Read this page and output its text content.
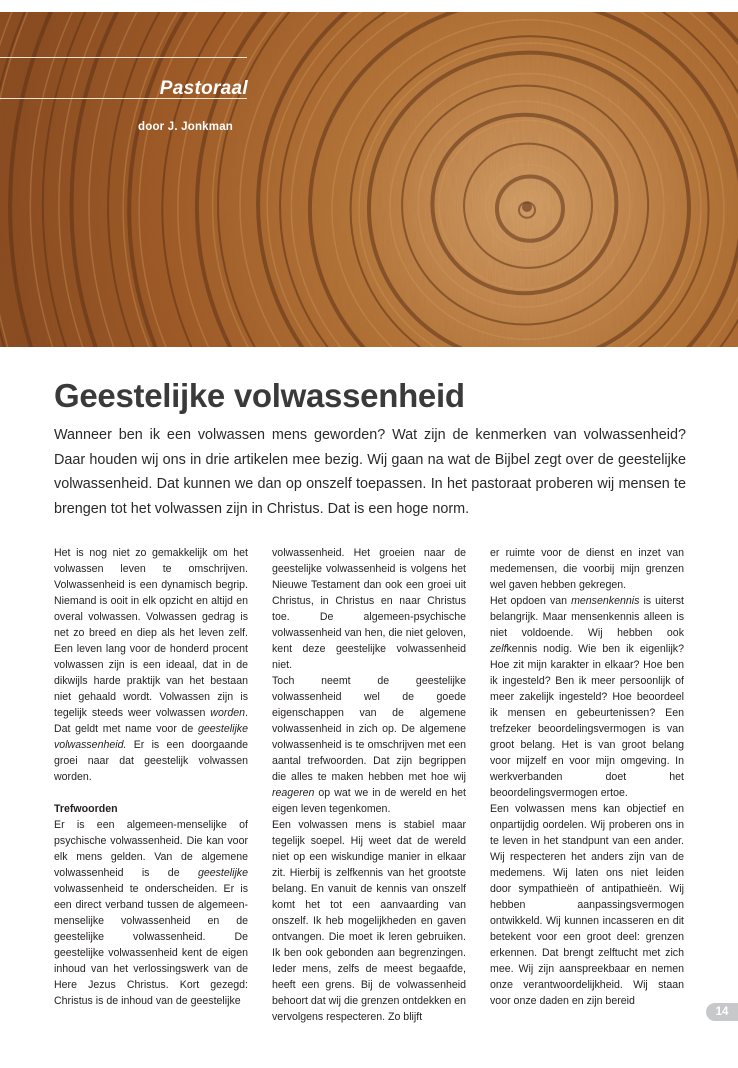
Pastoraal
door J. Jonkman
Geestelijke volwassenheid

Wanneer ben ik een volwassen mens geworden? Wat zijn de kenmerken van volwassenheid? Daar houden wij ons in drie artikelen mee bezig. Wij gaan na wat de Bijbel zegt over de geestelijke volwassenheid. Dat kunnen we dan op onszelf toepassen. In het pastoraat proberen wij mensen te brengen tot het volwassen zijn in Christus. Dat is een hoge norm.

Het is nog niet zo gemakkelijk om het volwassen leven te omschrijven. Volwassenheid is een dynamisch begrip. Niemand is ooit in elk opzicht en altijd en overal volwassen. Volwassen gedrag is net zo breed en diep als het leven zelf. Een leven lang voor de honderd procent volwassen zijn is een ideaal, dat in de dikwijls harde praktijk van het bestaan niet gehaald wordt. Volwassen zijn is tegelijk steeds weer volwassen worden. Dat geldt met name voor de geestelijke volwassenheid. Er is een doorgaande groei naar dat geestelijk volwassen worden.

Trefwoorden

Er is een algemeen-menselijke of psychische volwassenheid. Die kan voor elk mens gelden. Van de algemene volwassenheid is de geestelijke volwassenheid te onderscheiden. Er is een direct verband tussen de algemeen-menselijke volwassenheid en de geestelijke volwassenheid. De geestelijke volwassenheid kent de eigen inhoud van het verlossingswerk van de Here Jezus Christus. Kort gezegd: Christus is de inhoud van de geestelijke

volwassenheid. Het groeien naar de geestelijke volwassenheid is volgens het Nieuwe Testament dan ook een groei uit Christus, in Christus en naar Christus toe. De algemeen-psychische volwassenheid van hen, die niet geloven, kent deze geestelijke volwassenheid niet.

Toch neemt de geestelijke volwassenheid wel de goede eigenschappen van de algemene volwassenheid in zich op. De algemene volwassenheid is te omschrijven met een aantal trefwoorden. Dat zijn begrippen die alles te maken hebben met hoe wij reageren op wat we in de wereld en het eigen leven tegenkomen.

Een volwassen mens is stabiel maar tegelijk soepel. Hij weet dat de wereld niet op een wiskundige manier in elkaar zit. Hierbij is zelfkennis van het grootste belang. En vanuit de kennis van onszelf komt het tot een aanvaarding van onszelf. Ik heb mogelijkheden en gaven ontvangen. Die moet ik leren gebruiken. Ik ben ook gebonden aan begrenzingen. Ieder mens, zelfs de meest begaafde, heeft een grens. Bij de volwassenheid behoort dat wij die grenzen ontdekken en vervolgens respecteren. Zo blijft

er ruimte voor de dienst en inzet van medemensen, die voorbij mijn grenzen wel gaven hebben gekregen.

Het opdoen van mensenkennis is uiterst belangrijk. Maar mensenkennis alleen is niet voldoende. Wij hebben ook zelfkennis nodig. Wie ben ik eigenlijk? Hoe zit mijn karakter in elkaar? Hoe ben ik ingesteld? Ben ik meer persoonlijk of meer zakelijk ingesteld? Hoe beoordeel ik mensen en gebeurtenissen? Een trefzeker beoordelingsvermogen is van groot belang. Het is van groot belang voor mijzelf en voor mijn omgeving. In werkverbanden doet het beoordelingsvermogen ertoe.

Een volwassen mens kan objectief en onpartijdig oordelen. Wij proberen ons in te leven in het standpunt van een ander. Wij respecteren het anders zijn van de medemens. Wij laten ons niet leiden door sympathieën of antipathieën. Wij hebben aanpassingsvermogen ontwikkeld. Wij kunnen incasseren en dit betekent voor een groot deel: grenzen erkennen. Dat brengt zelftucht met zich mee. Wij zijn aanspreekbaar en nemen onze verantwoordelijkheid. Wij staan voor onze daden en zijn bereid

14
